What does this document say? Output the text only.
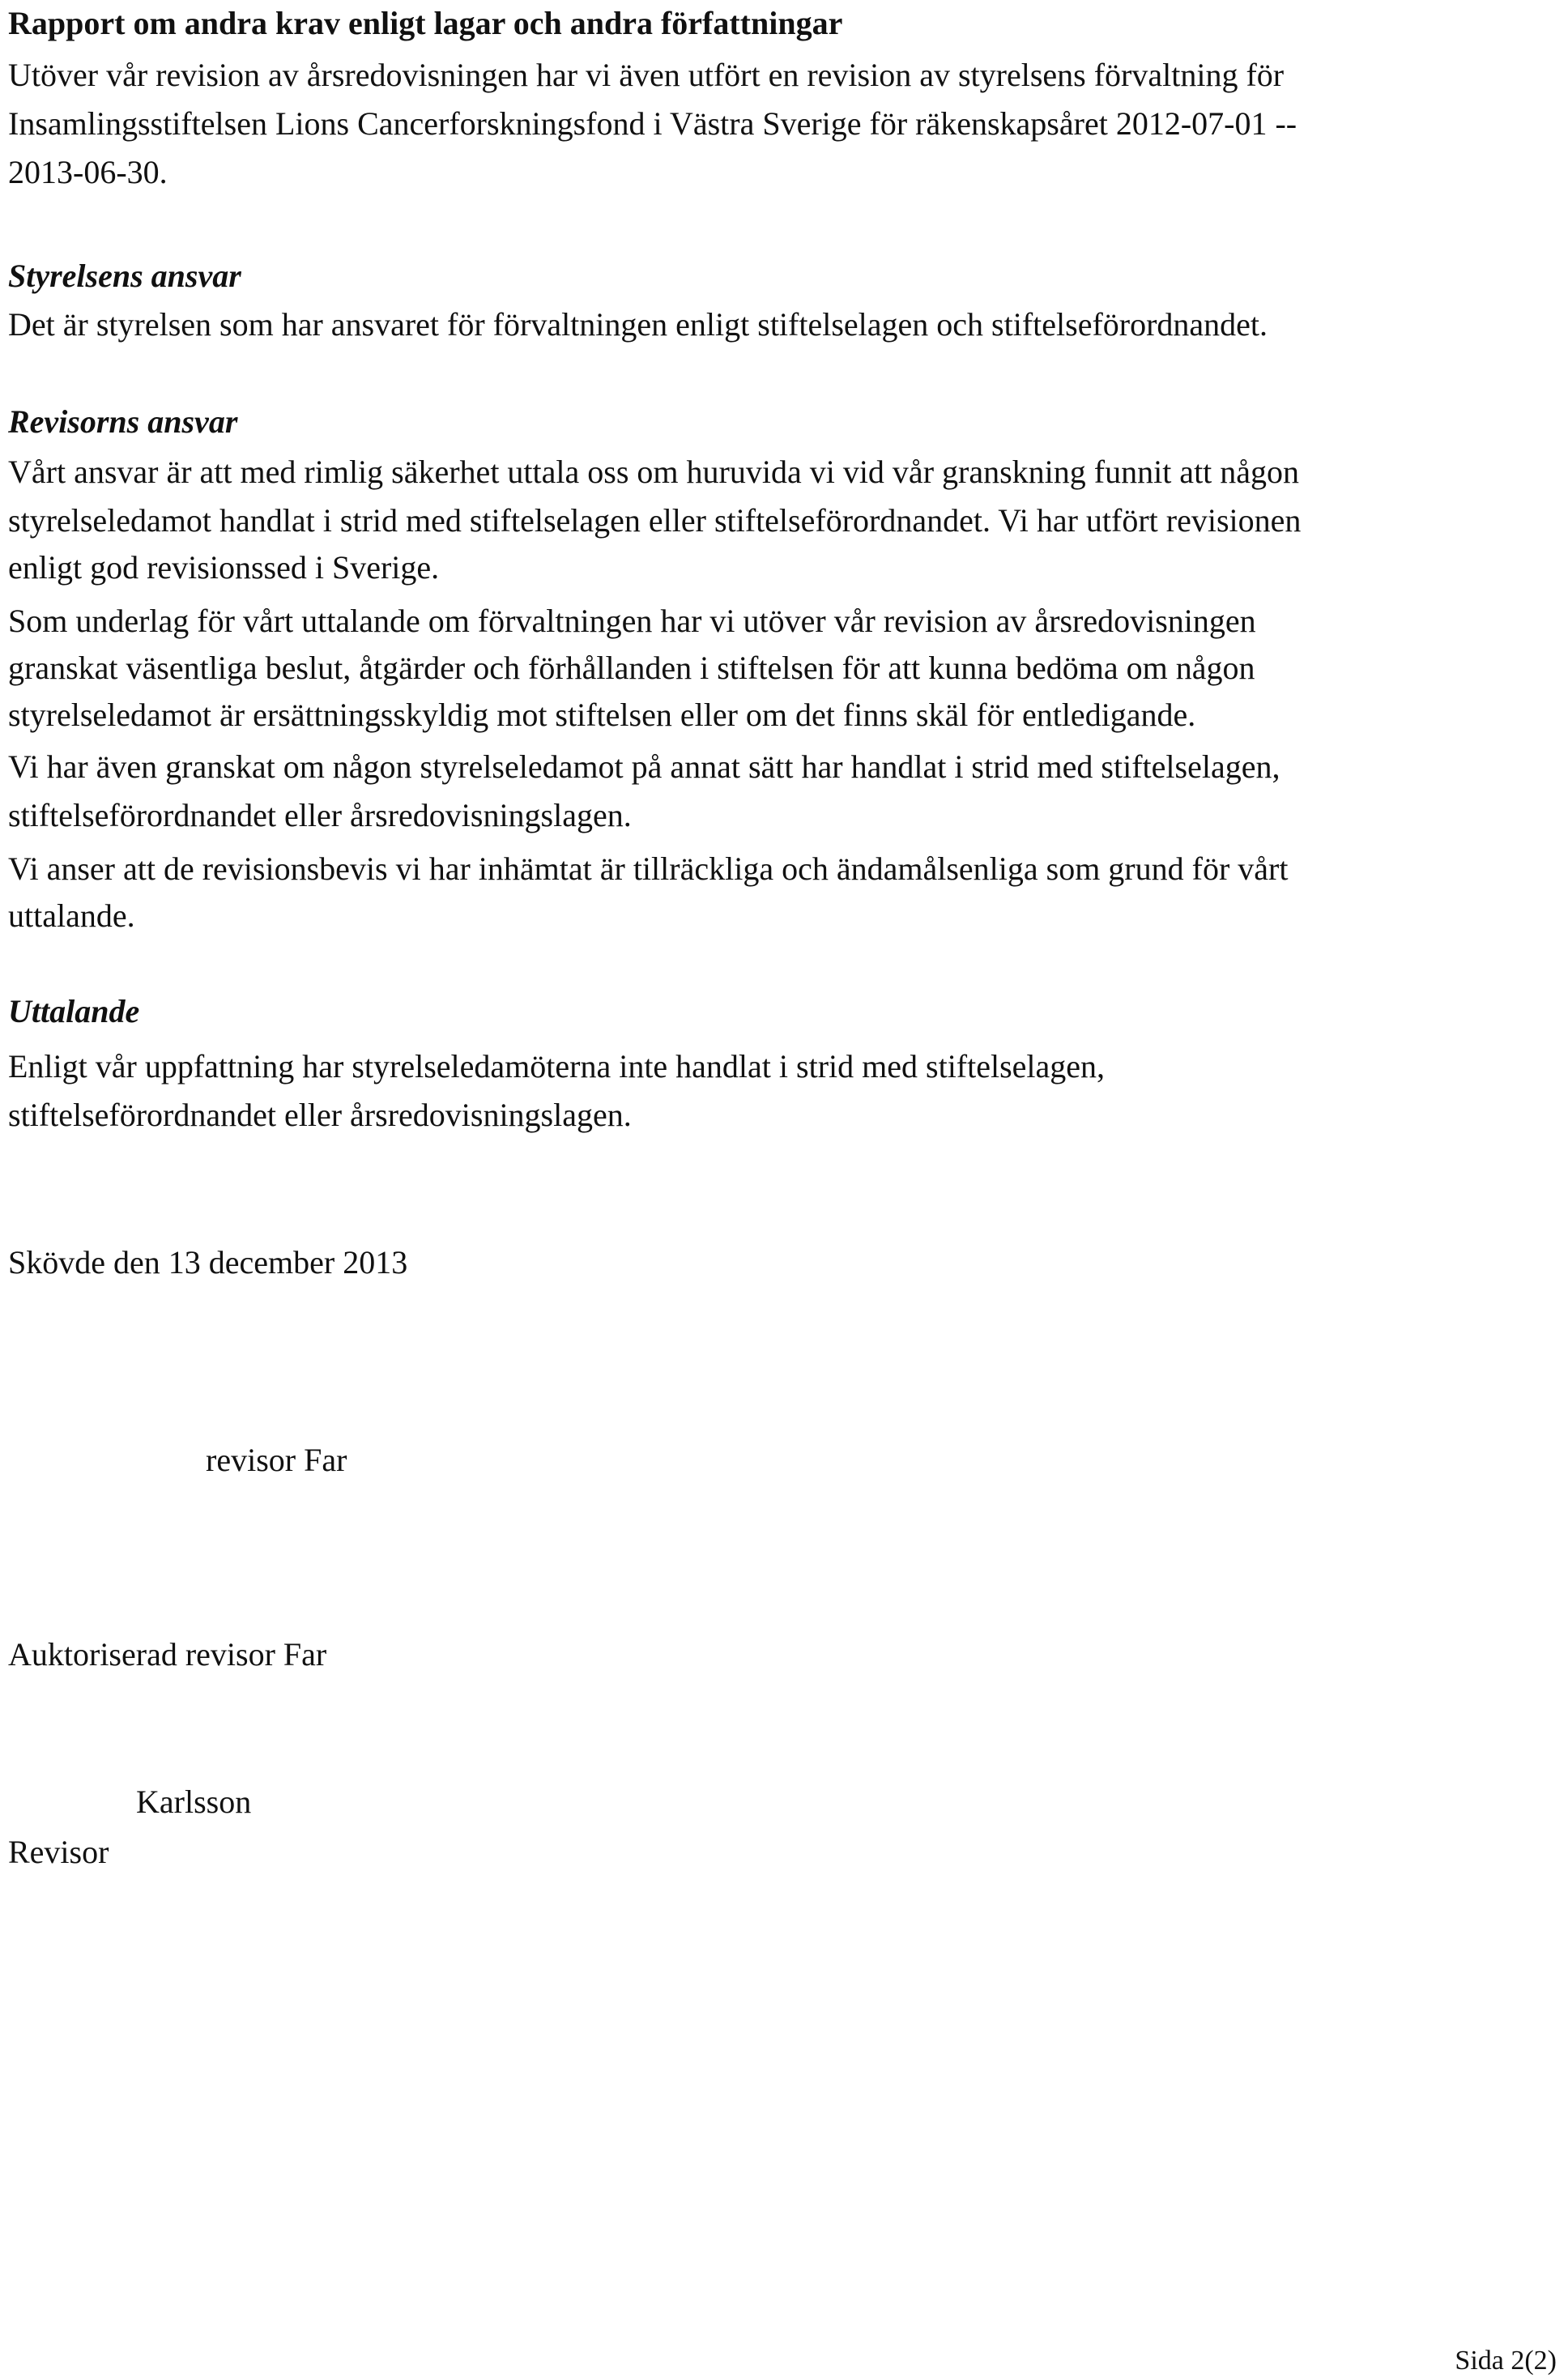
Rapport om andra krav enligt lagar och andra författningar
Utöver vår revision av årsredovisningen har vi även utfört en revision av styrelsens förvaltning för
Insamlingsstiftelsen Lions Cancerforskningsfond i Västra Sverige för räkenskapsåret 2012-07-01 --
2013-06-30.
Styrelsens ansvar
Det är styrelsen som har ansvaret för förvaltningen enligt stiftelselagen och stiftelseförordnandet.
Revisorns ansvar
Vårt ansvar är att med rimlig säkerhet uttala oss om huruvida vi vid vår granskning funnit att någon
styrelseledamot handlat i strid med stiftelselagen eller stiftelseförordnandet. Vi har utfört revisionen
enligt god revisionssed i Sverige.
Som underlag för vårt uttalande om förvaltningen har vi utöver vår revision av årsredovisningen
granskat väsentliga beslut, åtgärder och förhållanden i stiftelsen för att kunna bedöma om någon
styrelseledamot är ersättningsskyldig mot stiftelsen eller om det finns skäl för entledigande.
Vi har även granskat om någon styrelseledamot på annat sätt har handlat i strid med stiftelselagen,
stiftelseförordnandet eller årsredovisningslagen.
Vi anser att de revisionsbevis vi har inhämtat är tillräckliga och ändamålsenliga som grund för vårt
uttalande.
Uttalande
Enligt vår uppfattning har styrelseledamöterna inte handlat i strid med stiftelselagen,
stiftelseförordnandet eller årsredovisningslagen.
Skövde den 13 december 2013
revisor Far
Auktoriserad revisor Far
Karlsson
Revisor
Sida 2(2)
